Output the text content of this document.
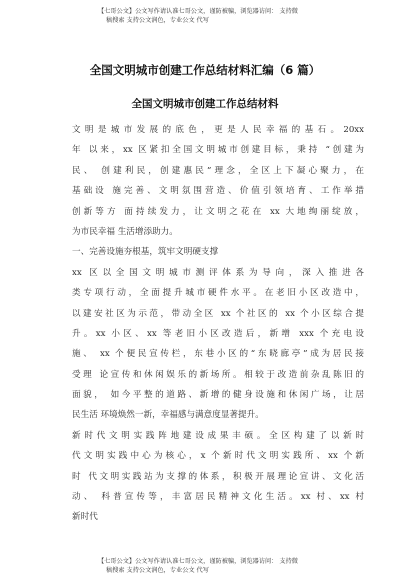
【七哥公文】公文写作请认准七哥公文，谨防被骗，浏览器访问： 支持微
稿搜索 支持公文润色，专业公文 代写
全国文明城市创建工作总结材料汇编（6 篇）
全国文明城市创建工作总结材料
文明是城市发展的底色，更是人民幸福的基石。20xx
年 以来，xx 区紧扣全国文明城市创建目标，秉持 “创建为
民、 创建利民，创建惠民”理念，全区上下凝心聚力，在
基础设 施完善、文明氛围营造、价值引领培育、工作举措
创新等方 面持续发力，让文明之花在 xx 大地绚丽绽放，
为市民幸福 生活增添助力。
一、完善设施夯根基，筑牢文明硬支撑
xx 区以全国文明城市测评体系为导向，深入推进各
类专项行动，全面提升城市硬件水平。在老旧小区改造中，
以建安社区为示范，带动全区 xx 个社区的 xx 个小区综合提
升。xx 小区、xx 等老旧小区改造后，新增 xxx 个充电设
施、 xx 个便民宣传栏，东巷小区的“东晓廊亭”成为居民接
受理 论宣传和休闲娱乐的新场所。相较于改造前杂乱陈旧的
面貌， 如今平整的道路、新增的健身设施和休闲广场，让居
民生活 环境焕然一新，幸福感与满意度显著提升。
新时代文明实践阵地建设成果丰硕。全区构建了以新时
代文明实践中心为核心，x 个新时代文明实践所、xx 个新
时 代文明实践站为支撑的体系，积极开展理论宣讲、文化活
动、 科普宣传等，丰富居民精神文化生活。xx 村、xx 村
新时代
【七哥公文】公文写作请认准七哥公文，谨防被骗，浏览器访问： 支持微
稿搜索 支持公文润色，专业公文 代写
